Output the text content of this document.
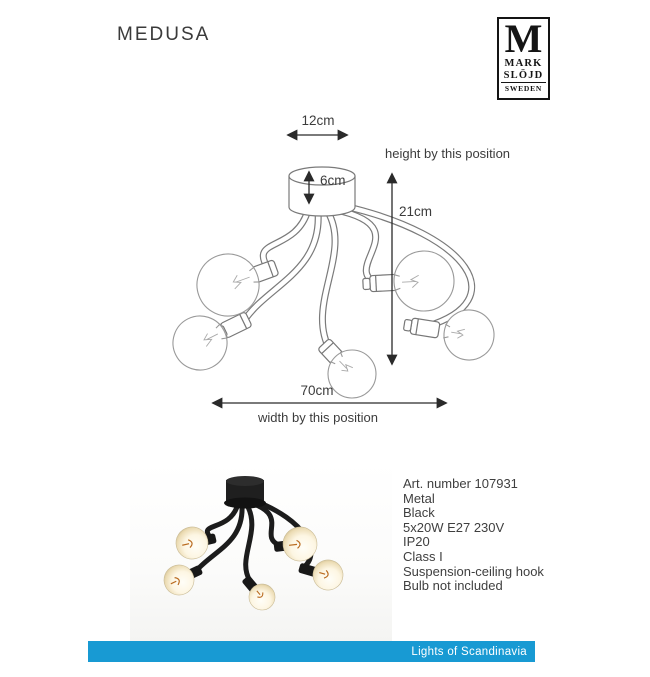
MEDUSA	M
MARK
SLÖJD
SWEDEN
12cm
6cm
height by this position
21cm
70cm
width by this position
Art. number 107931
Metal
Black
5x20W E27 230V
IP20
Class I
Suspension-ceiling hook
Bulb not included
Lights of Scandinavia
